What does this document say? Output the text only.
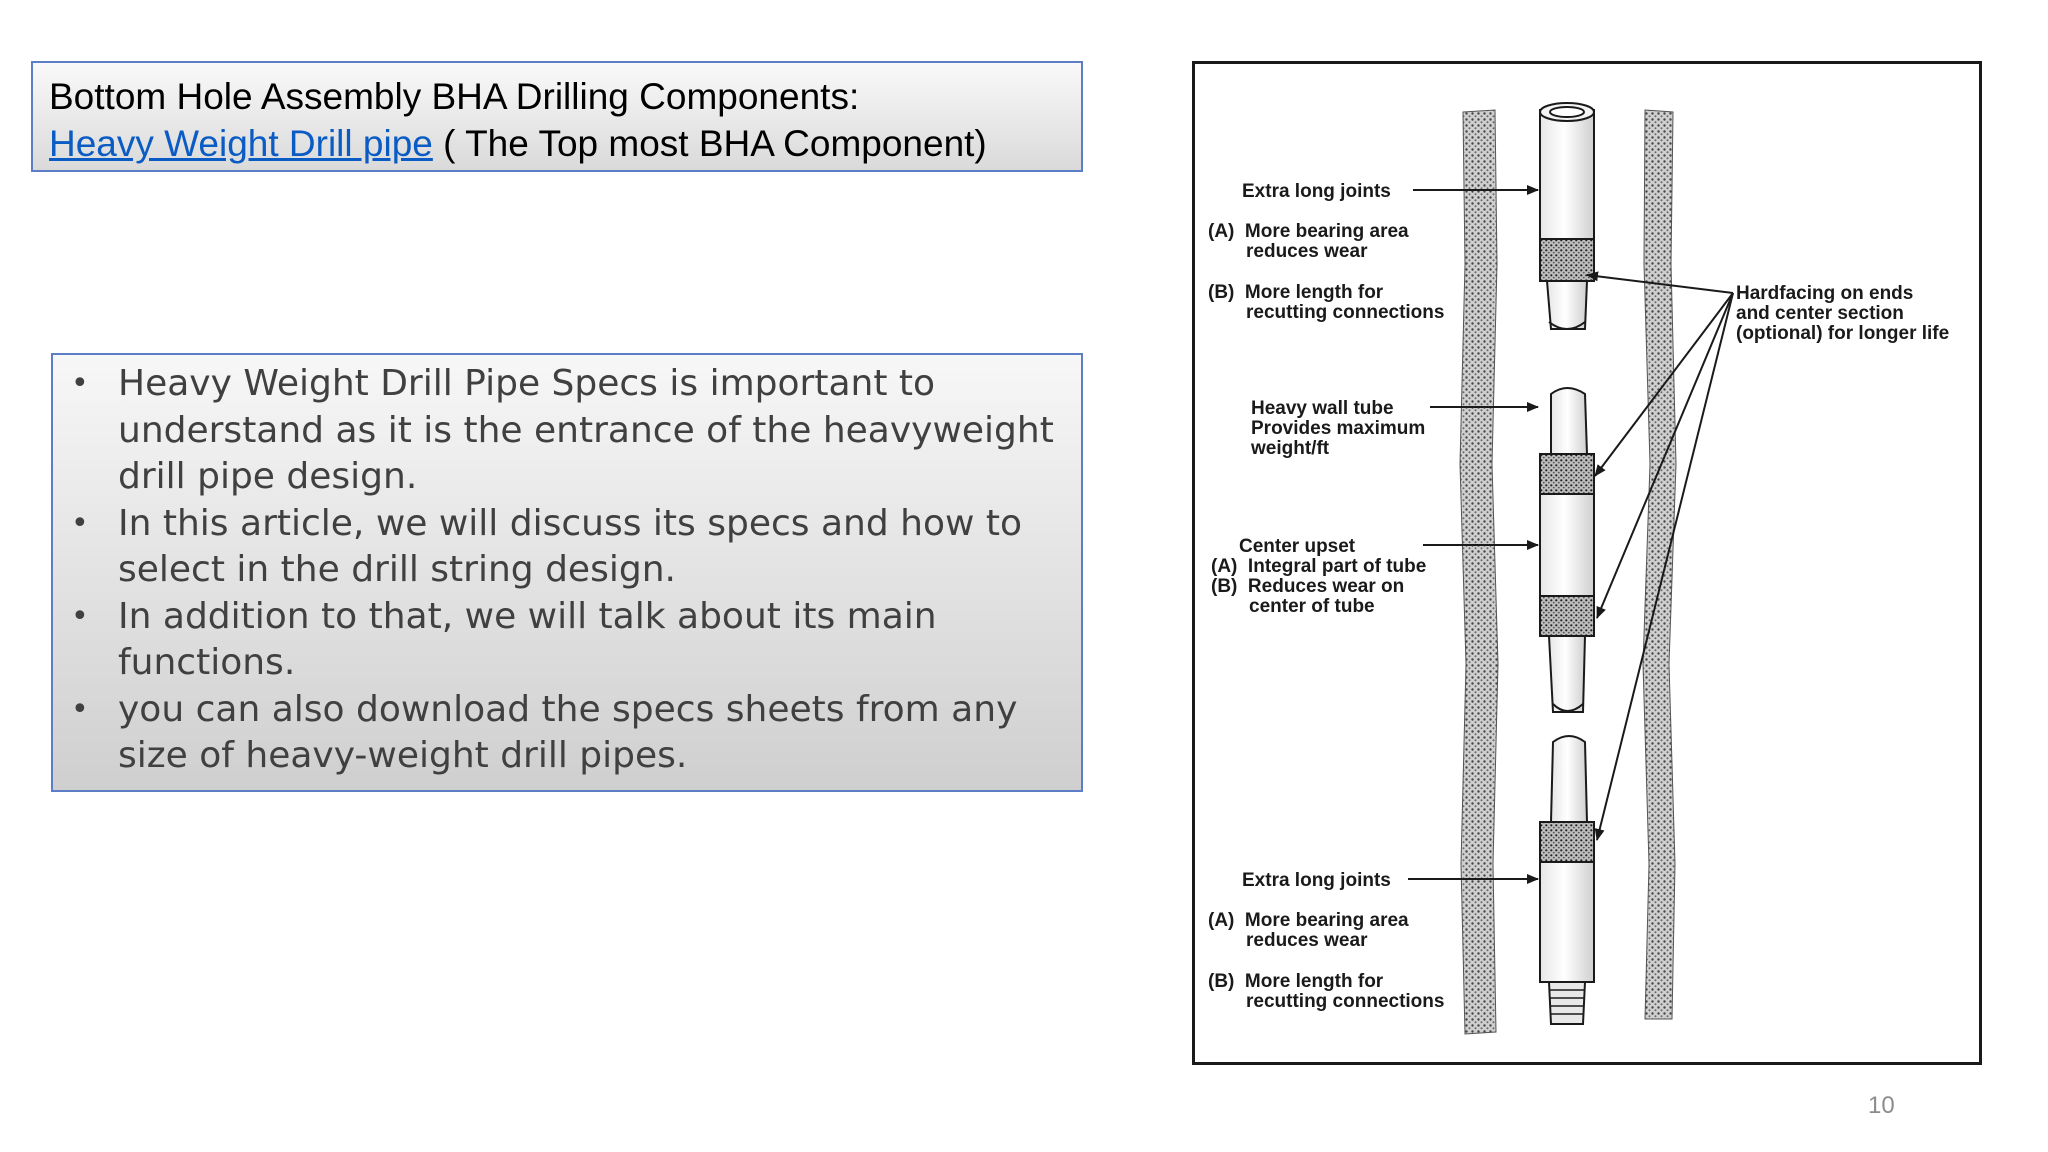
Bottom Hole Assembly BHA Drilling Components:
Heavy Weight Drill pipe ( The Top most BHA Component)
• Heavy Weight Drill Pipe Specs is important to understand as it is the entrance of the heavyweight drill pipe design.
• In this article, we will discuss its specs and how to select in the drill string design.
• In addition to that, we will talk about its main functions.
• you can also download the specs sheets from any size of heavy-weight drill pipes.
Extra long joints
(A)  More bearing area
reduces wear
(B)  More length for
recutting connections
Hardfacing on ends
and center section
(optional) for longer life
Heavy wall tube
Provides maximum
weight/ft
Center upset
(A)  Integral part of tube
(B)  Reduces wear on
center of tube
Extra long joints
(A)  More bearing area
reduces wear
(B)  More length for
recutting connections
10
